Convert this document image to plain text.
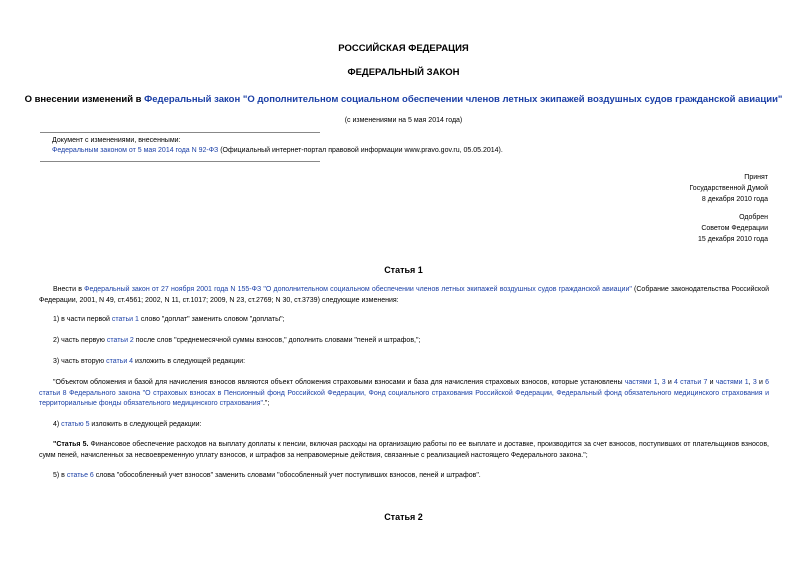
РОССИЙСКАЯ ФЕДЕРАЦИЯ
ФЕДЕРАЛЬНЫЙ ЗАКОН
О внесении изменений в Федеральный закон "О дополнительном социальном обеспечении членов летных экипажей воздушных судов гражданской авиации"
(с изменениями на 5 мая 2014 года)
Документ с изменениями, внесенными:
Федеральным законом от 5 мая 2014 года N 92-ФЗ (Официальный интернет-портал правовой информации www.pravo.gov.ru, 05.05.2014).
Принят
Государственной Думой
8 декабря 2010 года
Одобрен
Советом Федерации
15 декабря 2010 года
Статья 1
Внести в Федеральный закон от 27 ноября 2001 года N 155-ФЗ "О дополнительном социальном обеспечении членов летных экипажей воздушных судов гражданской авиации" (Собрание законодательства Российской Федерации, 2001, N 49, ст.4561; 2002, N 11, ст.1017; 2009, N 23, ст.2769; N 30, ст.3739) следующие изменения:
1) в части первой статьи 1 слово "доплат" заменить словом "доплаты";
2) часть первую статьи 2 после слов "среднемесячной суммы взносов," дополнить словами "пеней и штрафов,";
3) часть вторую статьи 4 изложить в следующей редакции:
"Объектом обложения и базой для начисления взносов являются объект обложения страховыми взносами и база для начисления страховых взносов, которые установлены частями 1, 3 и 4 статьи 7 и частями 1, 3 и 6 статьи 8 Федерального закона "О страховых взносах в Пенсионный фонд Российской Федерации, Фонд социального страхования Российской Федерации, Федеральный фонд обязательного медицинского страхования и территориальные фонды обязательного медицинского страхования".";
4) статью 5 изложить в следующей редакции:
"Статья 5. Финансовое обеспечение расходов на выплату доплаты к пенсии, включая расходы на организацию работы по ее выплате и доставке, производится за счет взносов, поступивших от плательщиков взносов, сумм пеней, начисленных за несвоевременную уплату взносов, и штрафов за неправомерные действия, связанные с реализацией настоящего Федерального закона.";
5) в статье 6 слова "обособленный учет взносов" заменить словами "обособленный учет поступивших взносов, пеней и штрафов".
Статья 2
